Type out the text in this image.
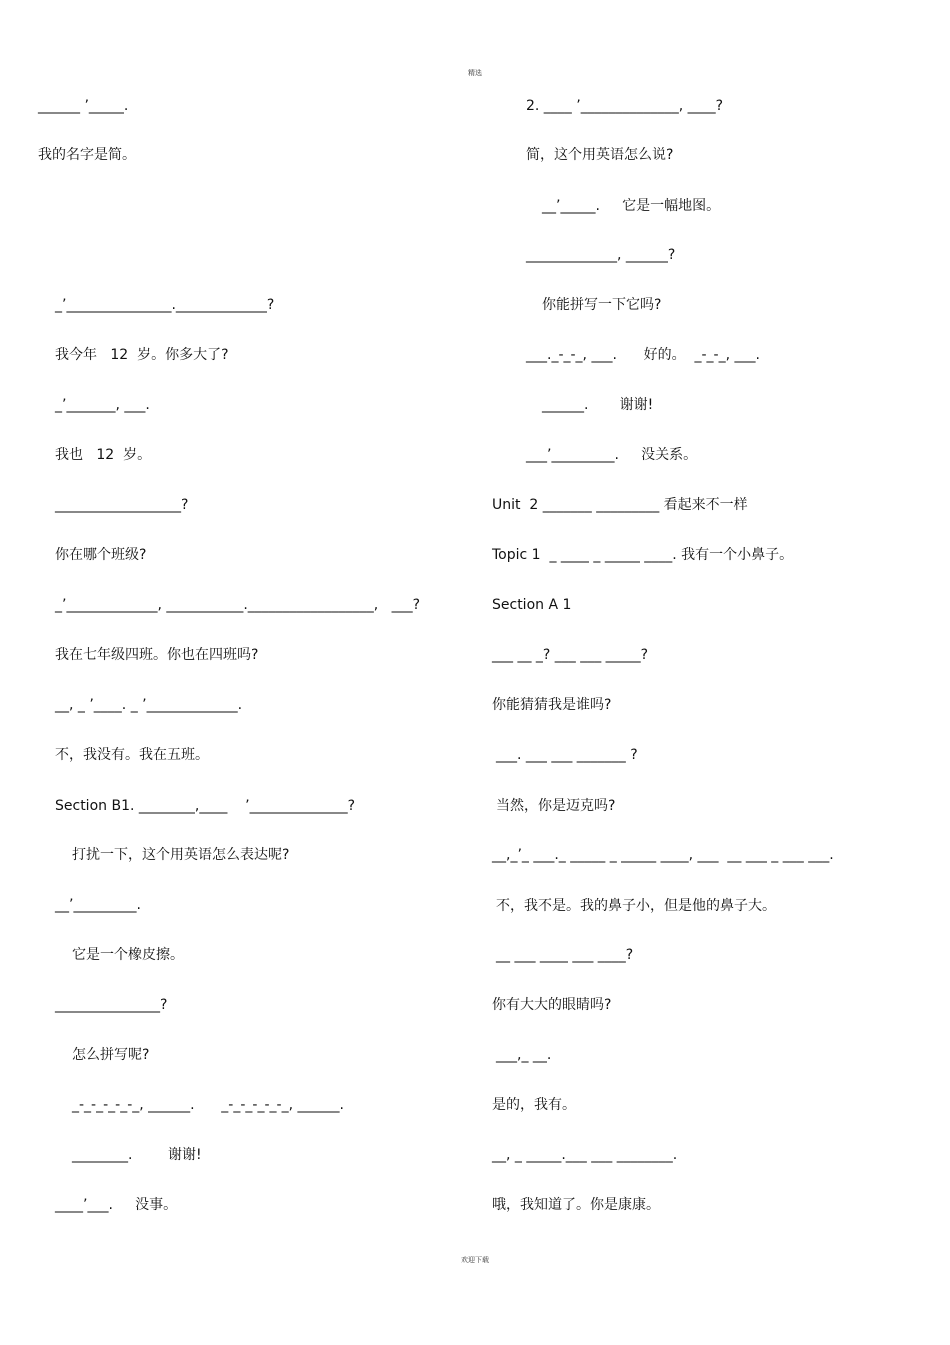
精选
______ ’_____.
我的名字是简。
_’_______________._____________?
我今年   12  岁。你多大了?
_’_______, ___.
我也   12  岁。
__________________?
你在哪个班级?
_’_____________, ___________.__________________,   ___?
我在七年级四班。你也在四班吗?
__, _ ’____. _ ’_____________.
不，我没有。我在五班。
Section B1. ________,____    ’______________?
打扰一下，这个用英语怎么表达呢?
__’_________.
它是一个橡皮擦。
_______________?
怎么拼写呢?
_-_-_-_-_-_, ______.      _-_-_-_-_-_, ______.
________.        谢谢!
____’___.     没事。
2. ____ ’______________, ____?
简，这个用英语怎么说?
__’_____.     它是一幅地图。
_____________, ______?
你能拼写一下它吗?
___._-_-_, ___.      好的。  _-_-_, ___.
______.       谢谢!
___’_________.     没关系。
Unit  2 _______ _________ 看起来不一样
Topic 1  _ ____ _ _____ ____. 我有一个小鼻子。
Section A 1
___ __ _? ___ ___ _____?
你能猜猜我是谁吗?
___. ___ ___ _______ ?
当然，你是迈克吗?
__,_’_ ___._ _____ _ _____ ____, ___  __ ___ _ ___ ___.
不，我不是。我的鼻子小，但是他的鼻子大。
__ ___ ____ ___ ____?
你有大大的眼睛吗?
___,_ __.
是的，我有。
__, _ _____.___ ___ ________.
哦，我知道了。你是康康。
欢迎下载
